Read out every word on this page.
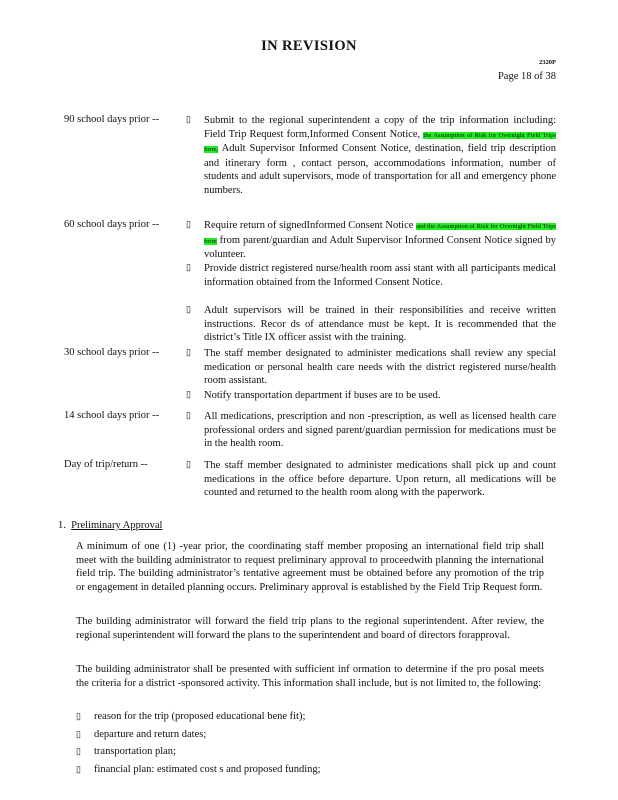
IN REVISION
2320P
Page 18 of 38
90 school days prior --	▯ Submit to the regional superintendent a copy of the trip information including: Field Trip Request form,Informed Consent Notice, the Assumption of Risk for Overnight Field Trips form, Adult Supervisor Informed Consent Notice, destination, field trip description and itinerary form , contact person, accommodations information, number of students and adult supervisors, mode of transportation for all and emergency phone numbers.
60 school days prior --	▯ Require return of signedInformed Consent Notice and the Assumption of Risk for Overnight Field Trips form from parent/guardian and Adult Supervisor Informed Consent Notice signed by volunteer.
▯ Provide district registered nurse/health room assi stant with all participants medical information obtained from the Informed Consent Notice.
▯ Adult supervisors will be trained in their responsibilities and receive written instructions. Recor ds of attendance must be kept. It is recommended that the district’s Title IX officer assist with the training.
30 school days prior --	▯ The staff member designated to administer medications shall review any special medication or personal health care needs with the district registered nurse/health room assistant.
▯ Notify transportation department if buses are to be used.
14 school days prior --	▯ All medications, prescription and non -prescription, as well as licensed health care professional orders and signed parent/guardian permission for medications must be in the health room.
Day of trip/return --	▯ The staff member designated to administer medications shall pick up and count medications in the office before departure. Upon return, all medications will be counted and returned to the health room along with the paperwork.
1. Preliminary Approval
A minimum of one (1) -year prior, the coordinating staff member proposing an international field trip shall meet with the building administrator to request preliminary approval to proceedwith planning the international field trip. The building administrator’s tentative agreement must be obtained before any promotion of the trip or engagement in detailed planning occurs. Preliminary approval is established by the Field Trip Request form.
The building administrator will forward the field trip plans to the regional superintendent. After review, the regional superintendent will forward the plans to the superintendent and board of directors forapproval.
The building administrator shall be presented with sufficient inf ormation to determine if the pro posal meets the criteria for a district -sponsored activity. This information shall include, but is not limited to, the following:
▯ reason for the trip (proposed educational bene fit);
▯ departure and return dates;
▯ transportation plan;
▯ financial plan: estimated cost s and proposed funding;
